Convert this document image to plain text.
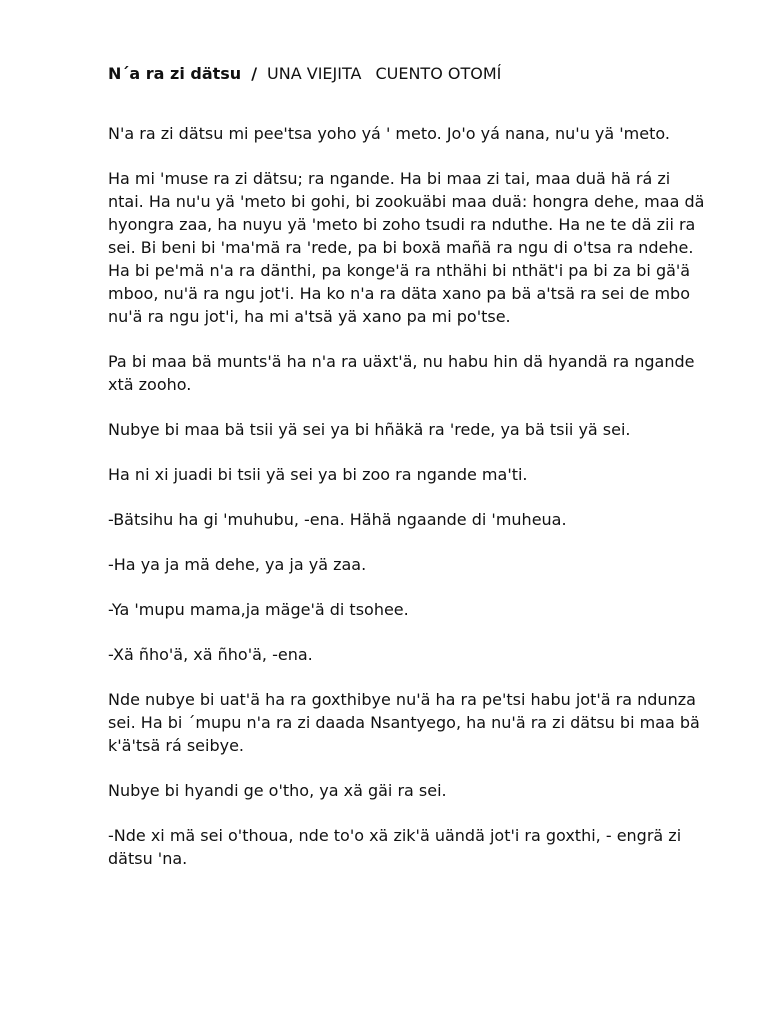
N´a ra zi dätsu / UNA VIEJITA CUENTO OTOMÍ

N'a ra zi dätsu mi pee'tsa yoho yá ' meto. Jo'o yá nana, nu'u yä 'meto.

Ha mi 'muse ra zi dätsu; ra ngande. Ha bi maa zi tai, maa duä hä rá zi ntai. Ha nu'u yä 'meto bi gohi, bi zookuäbi maa duä: hongra dehe, maa dä hyongra zaa, ha nuyu yä 'meto bi zoho tsudi ra nduthe. Ha ne te dä zii ra sei. Bi beni bi 'ma'mä ra 'rede, pa bi boxä mañä ra ngu di o'tsa ra ndehe. Ha bi pe'mä n'a ra dänthi, pa konge'ä ra nthähi bi nthät'i pa bi za bi gä'ä mboo, nu'ä ra ngu jot'i. Ha ko n'a ra däta xano pa bä a'tsä ra sei de mbo nu'ä ra ngu jot'i, ha mi a'tsä yä xano pa mi po'tse.

Pa bi maa bä munts'ä ha n'a ra uäxt'ä, nu habu hin dä hyandä ra ngande xtä zooho.

Nubye bi maa bä tsii yä sei ya bi hñäkä ra 'rede, ya bä tsii yä sei.

Ha ni xi juadi bi tsii yä sei ya bi zoo ra ngande ma'ti.

-Bätsihu ha gi 'muhubu, -ena. Hähä ngaande di 'muheua.

-Ha ya ja mä dehe, ya ja yä zaa.

-Ya 'mupu mama,ja mäge'ä di tsohee.

-Xä ñho'ä, xä ñho'ä, -ena.

Nde nubye bi uat'ä ha ra goxthibye nu'ä ha ra pe'tsi habu jot'ä ra ndunza sei. Ha bi ´mupu n'a ra zi daada Nsantyego, ha nu'ä ra zi dätsu bi maa bä k'ä'tsä rá seibye.

Nubye bi hyandi ge o'tho, ya xä gäi ra sei.

-Nde xi mä sei o'thoua, nde to'o xä zik'ä uändä jot'i ra goxthi, - engrä zi dätsu 'na.
